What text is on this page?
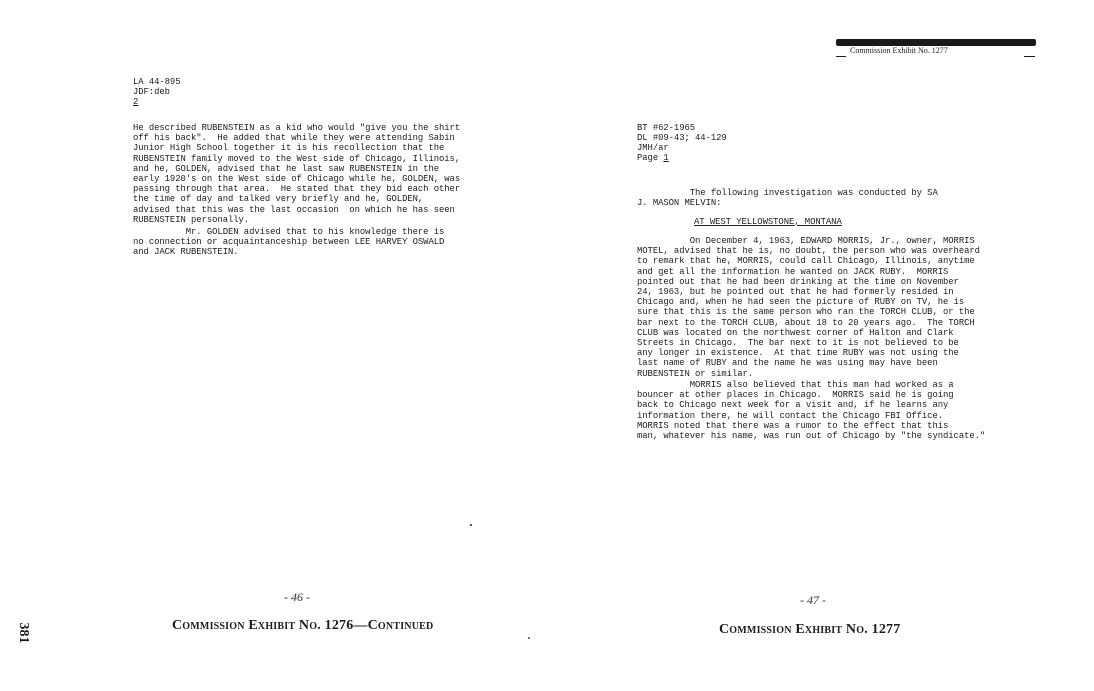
LA 44-895
JDF:deb
2
He described RUBENSTEIN as a kid who would "give you the shirt
off his back".  He added that while they were attending Sabin
Junior High School together it is his recollection that the
RUBENSTEIN family moved to the West side of Chicago, Illinois,
and he, GOLDEN, advised that he last saw RUBENSTEIN in the
early 1920's on the West side of Chicago while he, GOLDEN, was
passing through that area.  He stated that they bid each other
the time of day and talked very briefly and he, GOLDEN,
advised that this was the last occasion  on which he has seen
RUBENSTEIN personally.
Mr. GOLDEN advised that to his knowledge there is
no connection or acquaintanceship between LEE HARVEY OSWALD
and JACK RUBENSTEIN.
- 46 -
Commission Exhibit No. 1276—Continued
381
Commission Exhibit No. 1277
BT #62-1965
DL #09-43; 44-129
JMH/ar
Page 1
The following investigation was conducted by SA
J. MASON MELVIN:
AT WEST YELLOWSTONE, MONTANA
On December 4, 1963, EDWARD MORRIS, Jr., owner, MORRIS
MOTEL, advised that he is, no doubt, the person who was overheard
to remark that he, MORRIS, could call Chicago, Illinois, anytime
and get all the information he wanted on JACK RUBY.  MORRIS
pointed out that he had been drinking at the time on November
24, 1963, but he pointed out that he had formerly resided in
Chicago and, when he had seen the picture of RUBY on TV, he is
sure that this is the same person who ran the TORCH CLUB, or the
bar next to the TORCH CLUB, about 18 to 20 years ago.  The TORCH
CLUB was located on the northwest corner of Halton and Clark
Streets in Chicago.  The bar next to it is not believed to be
any longer in existence.  At that time RUBY was not using the
last name of RUBY and the name he was using may have been
RUBENSTEIN or similar.
MORRIS also believed that this man had worked as a
bouncer at other places in Chicago.  MORRIS said he is going
back to Chicago next week for a visit and, if he learns any
information there, he will contact the Chicago FBI Office.
MORRIS noted that there was a rumor to the effect that this
man, whatever his name, was run out of Chicago by "the syndicate."
- 47 -
Commission Exhibit No. 1277
